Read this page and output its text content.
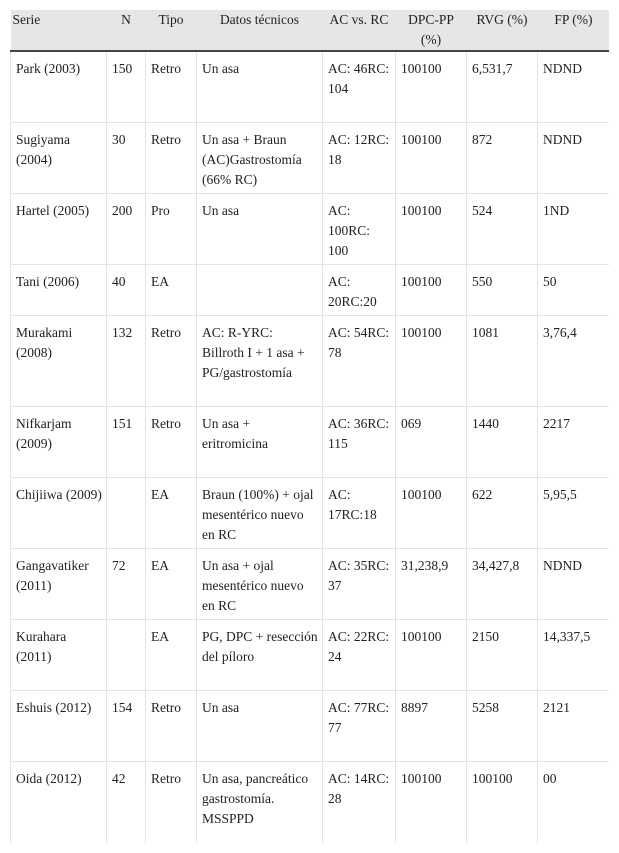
Serie	N	Tipo	Datos técnicos	AC vs. RC	DPC-PP (%)	RVG (%)	FP (%)
Park (2003)	150	Retro	Un asa	AC: 46RC: 104	100100	6,531,7	NDND
Sugiyama (2004)	30	Retro	Un asa + Braun (AC)Gastrostomía (66% RC)	AC: 12RC: 18	100100	872	NDND
Hartel (2005)	200	Pro	Un asa	AC: 100RC: 100	100100	524	1ND
Tani (2006)	40	EA		AC: 20RC:20	100100	550	50
Murakami (2008)	132	Retro	AC: R-YRC: Billroth I + 1 asa + PG/gastrostomía	AC: 54RC: 78	100100	1081	3,76,4
Nifkarjam (2009)	151	Retro	Un asa + eritromicina	AC: 36RC: 115	069	1440	2217
Chijiiwa (2009)		EA	Braun (100%) + ojal mesentérico nuevo en RC	AC: 17RC:18	100100	622	5,95,5
Gangavatiker (2011)	72	EA	Un asa + ojal mesentérico nuevo en RC	AC: 35RC: 37	31,238,9	34,427,8	NDND
Kurahara (2011)		EA	PG, DPC + resección del píloro	AC: 22RC: 24	100100	2150	14,337,5
Eshuis (2012)	154	Retro	Un asa	AC: 77RC: 77	8897	5258	2121
Oida (2012)	42	Retro	Un asa, pancreático gastrostomía. MSSPPD	AC: 14RC: 28	100100	100100	00
